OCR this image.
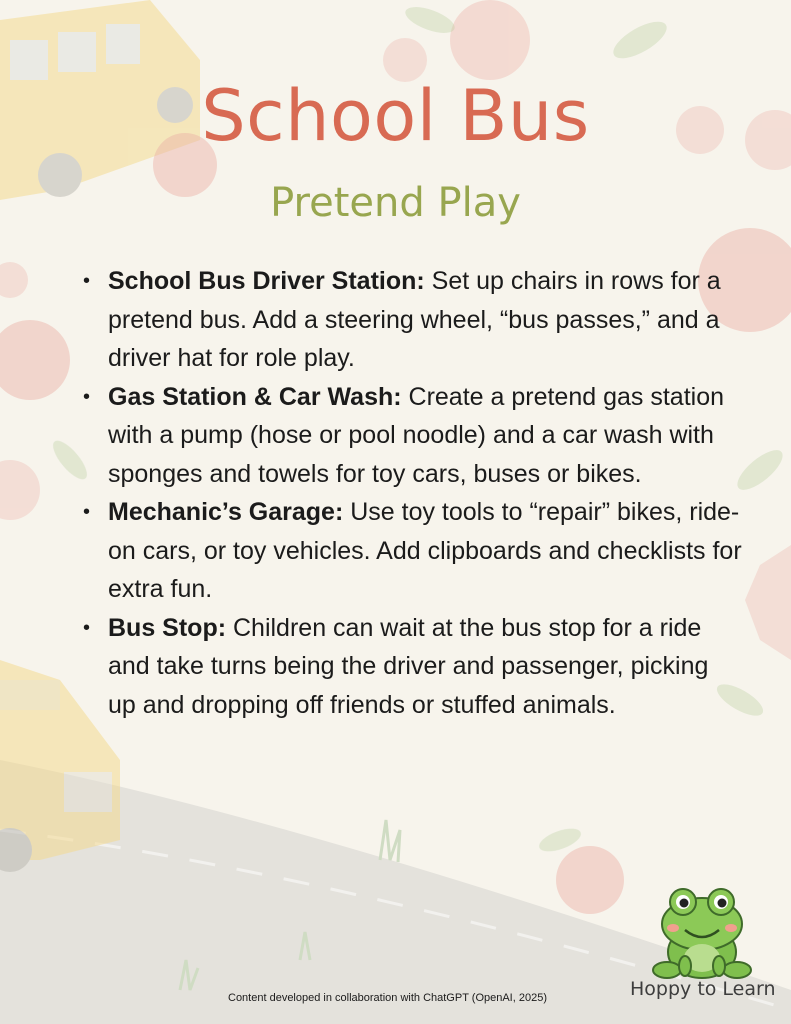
School Bus
Pretend Play
• School Bus Driver Station: Set up chairs in rows for a pretend bus. Add a steering wheel, “bus passes,” and a driver hat for role play.
• Gas Station & Car Wash: Create a pretend gas station with a pump (hose or pool noodle) and a car wash with sponges and towels for toy cars, buses or bikes.
• Mechanic’s Garage: Use toy tools to “repair” bikes, ride-on cars, or toy vehicles. Add clipboards and checklists for extra fun.
• Bus Stop: Children can wait at the bus stop for a ride and take turns being the driver and passenger, picking up and dropping off friends or stuffed animals.
Content developed in collaboration with ChatGPT (OpenAI, 2025)	Hoppy to Learn
